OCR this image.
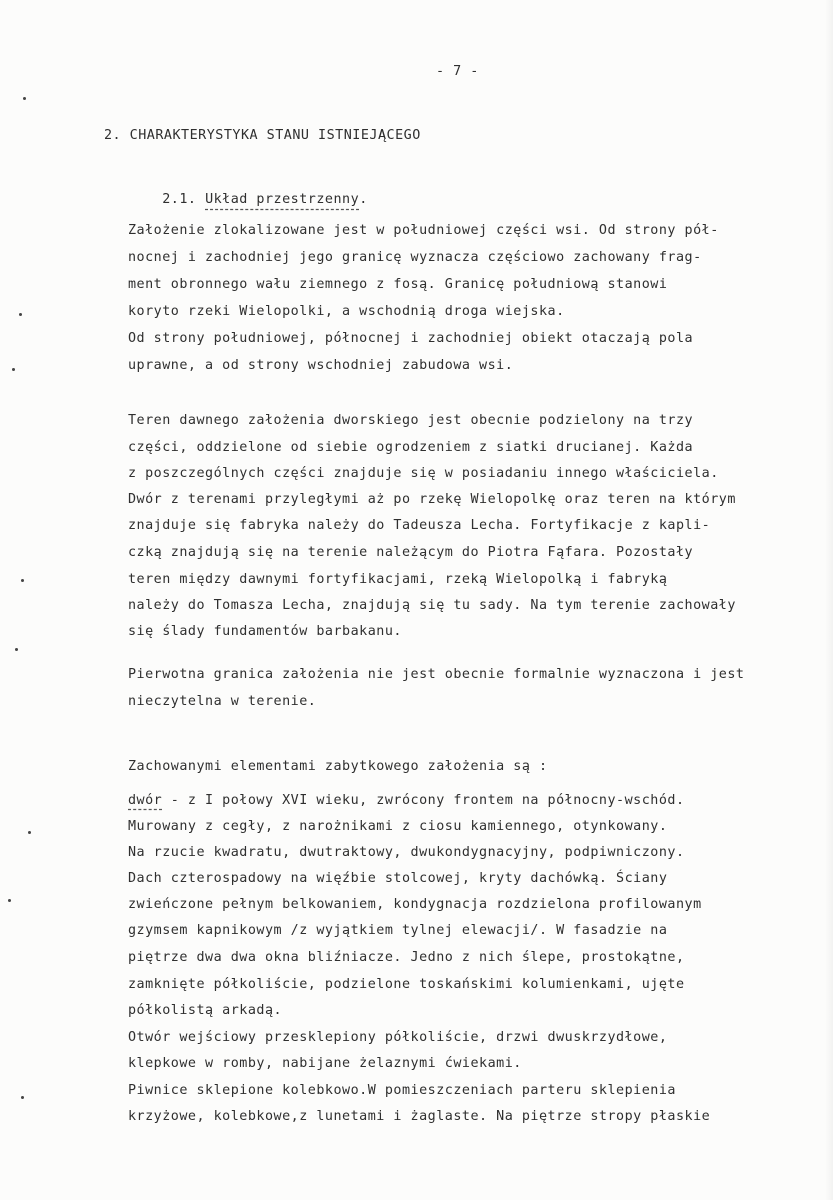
- 7 -
2. CHARAKTERYSTYKA STANU ISTNIEJĄCEGO

2.1. Układ przestrzenny.

Założenie zlokalizowane jest w południowej części wsi. Od strony pół-
nocnej i zachodniej jego granicę wyznacza częściowo zachowany frag-
ment obronnego wału ziemnego z fosą. Granicę południową stanowi
koryto rzeki Wielopolki, a wschodnią droga wiejska.
Od strony południowej, północnej i zachodniej obiekt otaczają pola
uprawne, a od strony wschodniej zabudowa wsi.
Teren dawnego założenia dworskiego jest obecnie podzielony na trzy
części, oddzielone od siebie ogrodzeniem z siatki drucianej. Każda
z poszczególnych części znajduje się w posiadaniu innego właściciela.
Dwór z terenami przyległymi aż po rzekę Wielopolkę oraz teren na którym
znajduje się fabryka należy do Tadeusza Lecha. Fortyfikacje z kapli-
czką znajdują się na terenie należącym do Piotra Fąfara. Pozostały
teren między dawnymi fortyfikacjami, rzeką Wielopolką i fabryką
należy do Tomasza Lecha, znajdują się tu sady. Na tym terenie zachowały
się ślady fundamentów barbakanu.
Pierwotna granica założenia nie jest obecnie formalnie wyznaczona i jest
nieczytelna w terenie.
Zachowanymi elementami zabytkowego założenia są :
dwór - z I połowy XVI wieku, zwrócony frontem na północny-wschód.
Murowany z cegły, z narożnikami z ciosu kamiennego, otynkowany.
Na rzucie kwadratu, dwutraktowy, dwukondygnacyjny, podpiwniczony.
Dach czterospadowy na więźbie stolcowej, kryty dachówką. Ściany
zwieńczone pełnym belkowaniem, kondygnacja rozdzielona profilowanym
gzymsem kapnikowym /z wyjątkiem tylnej elewacji/. W fasadzie na
piętrze dwa dwa okna bliźniacze. Jedno z nich ślepe, prostokątne,
zamknięte półkoliście, podzielone toskańskimi kolumienkami, ujęte
półkolistą arkadą.
Otwór wejściowy przesklepiony półkoliście, drzwi dwuskrzydłowe,
klepkowe w romby, nabijane żelaznymi ćwiekami.
Piwnice sklepione kolebkowo.W pomieszczeniach parteru sklepienia
krzyżowe, kolebkowe,z lunetami i żaglaste. Na piętrze stropy płaskie
